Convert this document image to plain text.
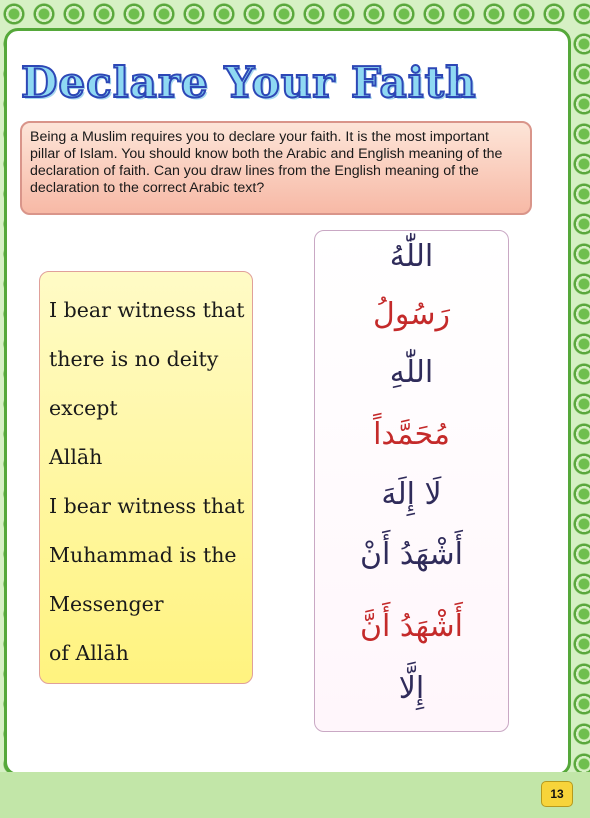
Declare Your Faith
Being a Muslim requires you to declare your faith. It is the most important pillar of Islam. You should know both the Arabic and English meaning of the declaration of faith. Can you draw lines from the English meaning of the declaration to the correct Arabic text?
I bear witness that
there is no deity
except
Allāh
I bear witness that
Muhammad is the
Messenger
of Allāh
اللّٰهُ
رَسُولُ
اللّٰهِ
مُحَمَّداً
لَا إِلَهَ
أَشْهَدُ أَنْ
أَشْهَدُ أَنَّ
إِلَّا
13
